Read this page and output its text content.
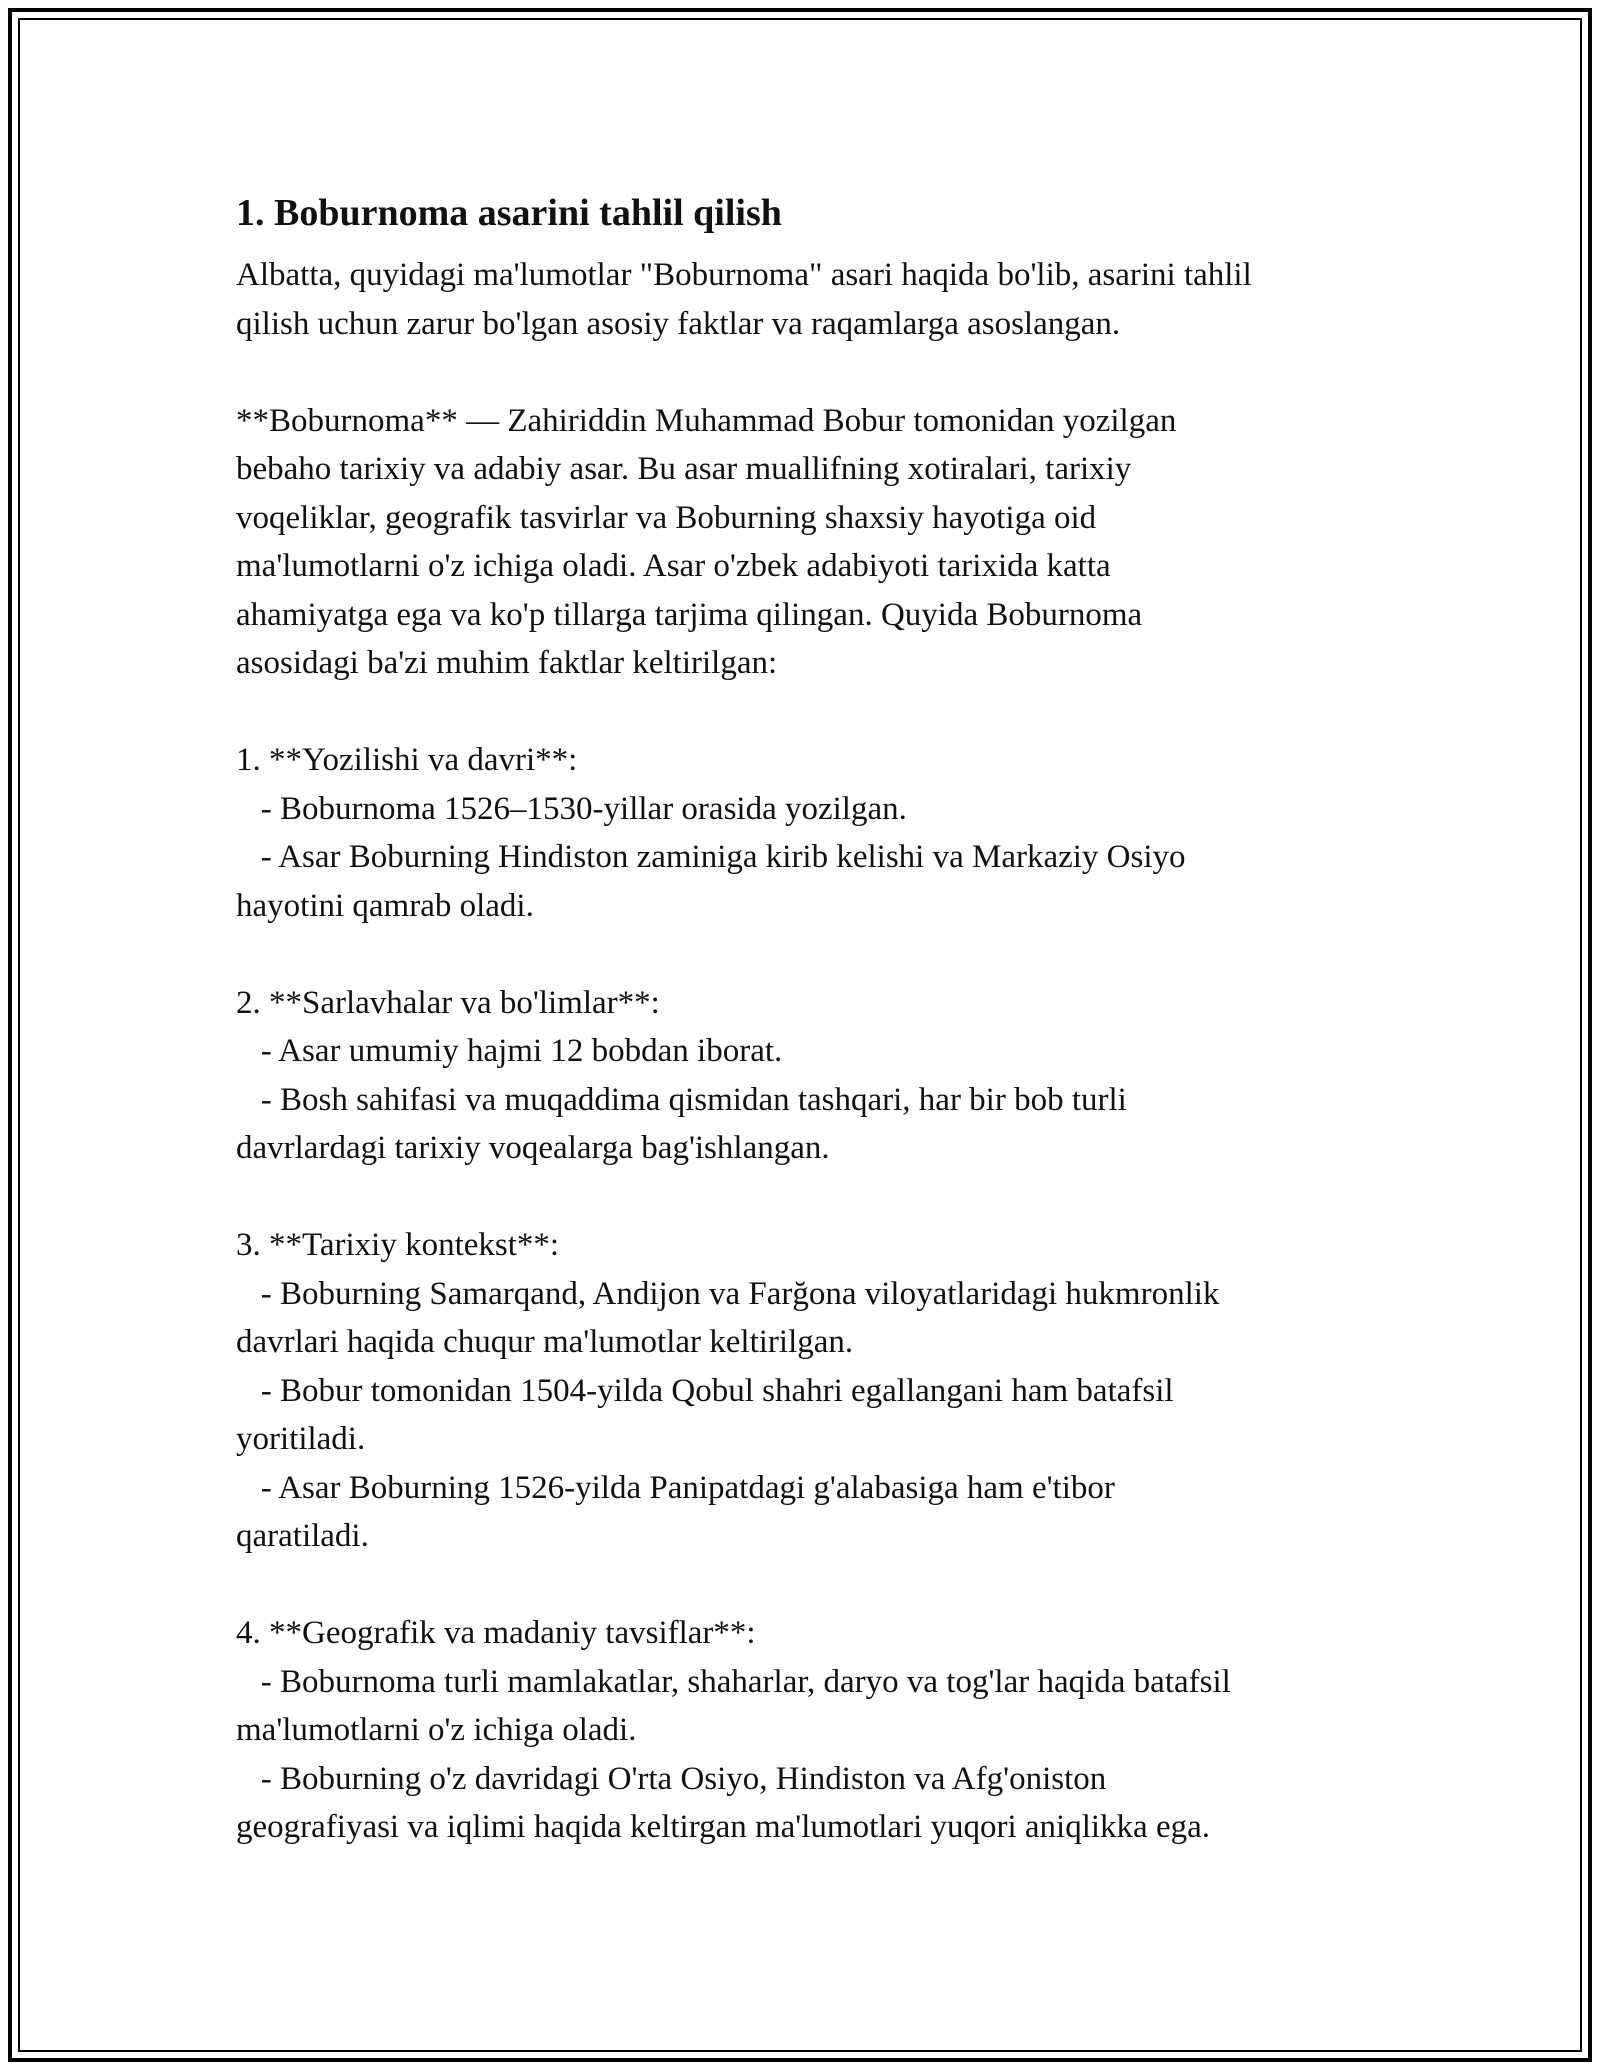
1. Boburnoma asarini tahlil qilish
Albatta, quyidagi ma'lumotlar "Boburnoma" asari haqida bo'lib, asarini tahlil
qilish uchun zarur bo'lgan asosiy faktlar va raqamlarga asoslangan.

**Boburnoma** — Zahiriddin Muhammad Bobur tomonidan yozilgan
bebaho tarixiy va adabiy asar. Bu asar muallifning xotiralari, tarixiy
voqeliklar, geografik tasvirlar va Boburning shaxsiy hayotiga oid
ma'lumotlarni o'z ichiga oladi. Asar o'zbek adabiyoti tarixida katta
ahamiyatga ega va ko'p tillarga tarjima qilingan. Quyida Boburnoma
asosidagi ba'zi muhim faktlar keltirilgan:

1. **Yozilishi va davri**:
- Boburnoma 1526–1530-yillar orasida yozilgan.
- Asar Boburning Hindiston zaminiga kirib kelishi va Markaziy Osiyo
hayotini qamrab oladi.

2. **Sarlavhalar va bo'limlar**:
- Asar umumiy hajmi 12 bobdan iborat.
- Bosh sahifasi va muqaddima qismidan tashqari, har bir bob turli
davrlardagi tarixiy voqealarga bag'ishlangan.

3. **Tarixiy kontekst**:
- Boburning Samarqand, Andijon va Farğona viloyatlaridagi hukmronlik
davrlari haqida chuqur ma'lumotlar keltirilgan.
- Bobur tomonidan 1504-yilda Qobul shahri egallangani ham batafsil
yoritiladi.
- Asar Boburning 1526-yilda Panipatdagi g'alabasiga ham e'tibor
qaratiladi.

4. **Geografik va madaniy tavsiflar**:
- Boburnoma turli mamlakatlar, shaharlar, daryo va tog'lar haqida batafsil
ma'lumotlarni o'z ichiga oladi.
- Boburning o'z davridagi O'rta Osiyo, Hindiston va Afg'oniston
geografiyasi va iqlimi haqida keltirgan ma'lumotlari yuqori aniqlikka ega.
